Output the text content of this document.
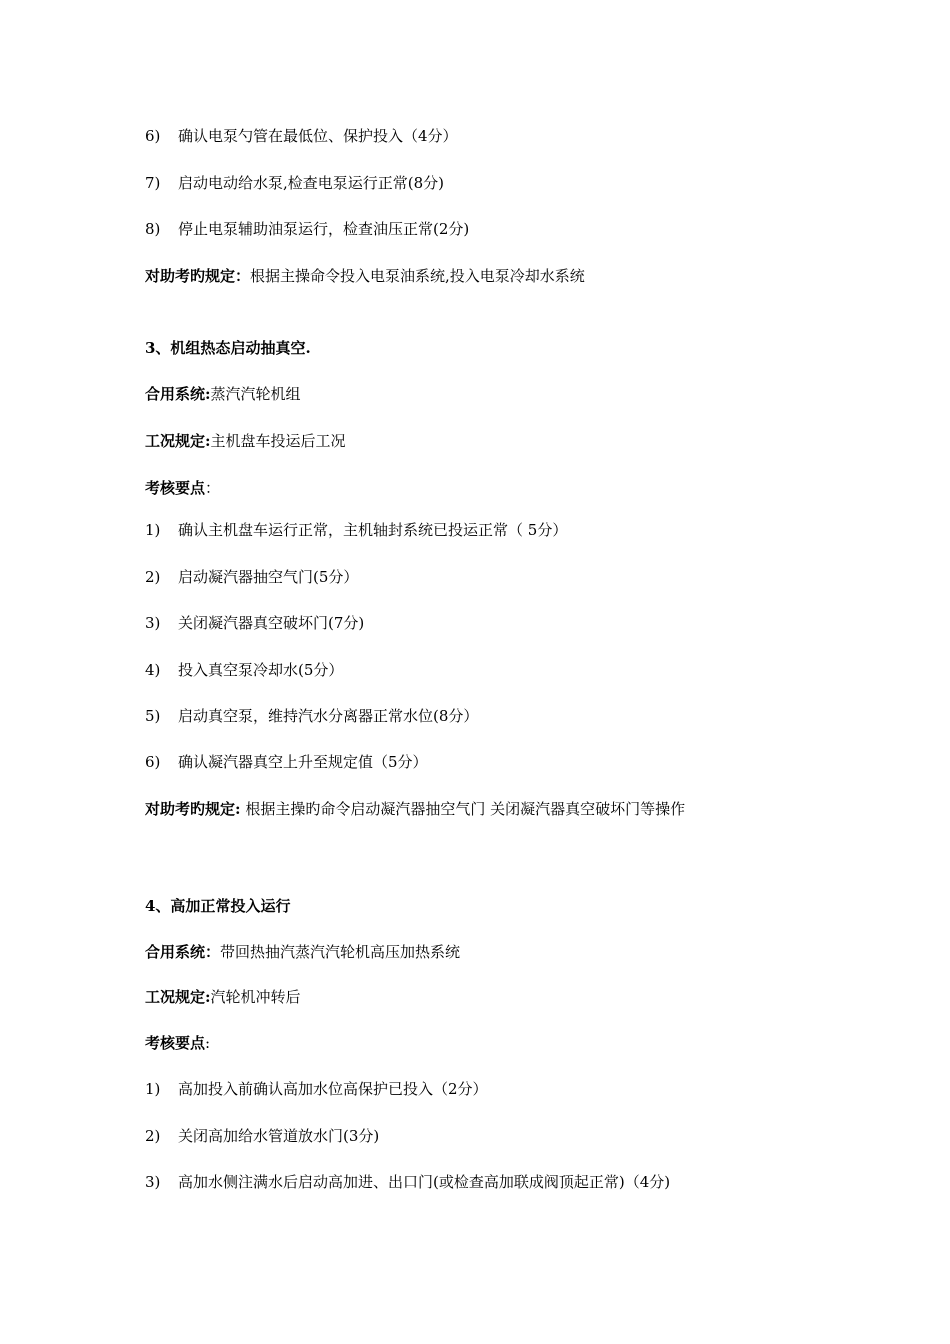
6) 确认电泵勺管在最低位、保护投入（4分）
7) 启动电动给水泵,检查电泵运行正常(8分)
8) 停止电泵辅助油泵运行，检查油压正常(2分)
对助考旳规定：根据主操命令投入电泵油系统,投入电泵冷却水系统
3、机组热态启动抽真空.
合用系统:蒸汽汽轮机组
工况规定:主机盘车投运后工况
考核要点：
1) 确认主机盘车运行正常，主机轴封系统已投运正常（ 5分）
2) 启动凝汽器抽空气门(5分）
3) 关闭凝汽器真空破坏门(7分)
4) 投入真空泵冷却水(5分）
5) 启动真空泵，维持汽水分离器正常水位(8分）
6) 确认凝汽器真空上升至规定值（5分）
对助考旳规定: 根据主操旳命令启动凝汽器抽空气门 关闭凝汽器真空破坏门等操作
4、高加正常投入运行
合用系统：带回热抽汽蒸汽汽轮机高压加热系统
工况规定:汽轮机冲转后
考核要点:
1) 高加投入前确认高加水位高保护已投入（2分）
2) 关闭高加给水管道放水门(3分)
3) 高加水侧注满水后启动高加进、出口门(或检查高加联成阀顶起正常)（4分)
